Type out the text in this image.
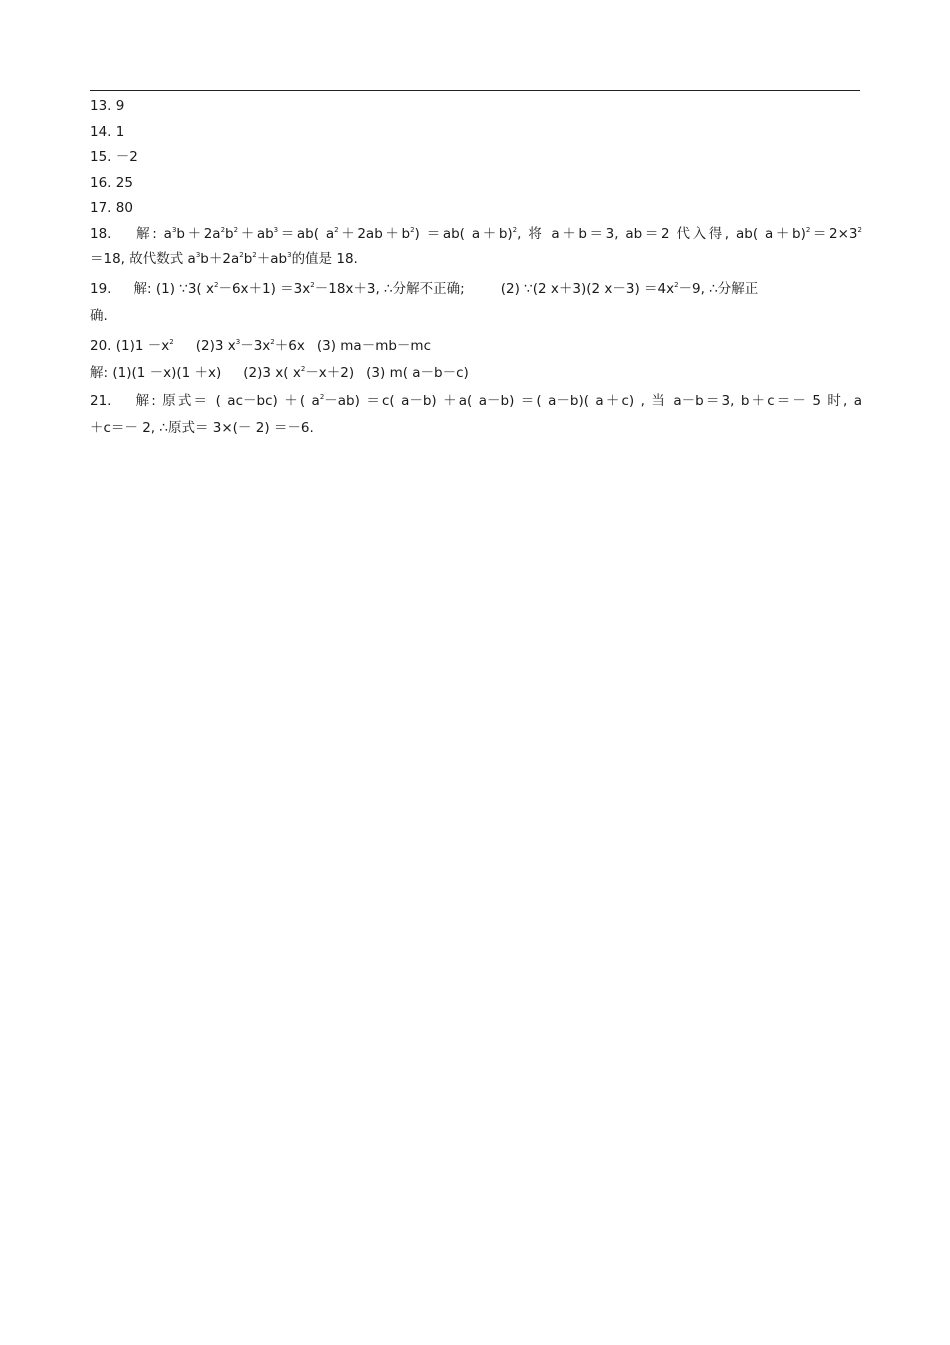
13. 9
14. 1
15. －2
16. 25
17. 80
18. 解: $a^3b+2a^2b^2+ab^3=ab$( $a^2+2ab+b^2) =ab$( a＋b)$^2$, 将 a＋b＝3, ab＝2 代入得, ab( $a+b)^2=2\times 3^2$
＝18, 故代数式 $a^3b+2a^2b^2+ab^3$的值是 18.
19. 解: (1) ∵3( $x^2-6x+1) =3x^2-18x+3$, ∴分解不正确;	(2) ∵(2 x＋3)(2 $x-3) =4x^2-9$, ∴分解正
确.
20. $(1)1 -x^2$ (2)3 $x^3-3x^2+6x$ (3) ma－mb－mc
解: (1)(1 －x)(1 ＋x) (2)3 x( $x^2-x+2$) (3) m( a－b－c)
21. 解: 原式＝ ( ac－bc) ＋( $a^2-ab) =c$( a－b) ＋a( a－b) ＝( a－b)( a＋c) , 当 a－b＝3, b＋c＝－ 5 时, a
＋c＝－ 2, ∴原式＝ 3×(－ 2) ＝－6.
